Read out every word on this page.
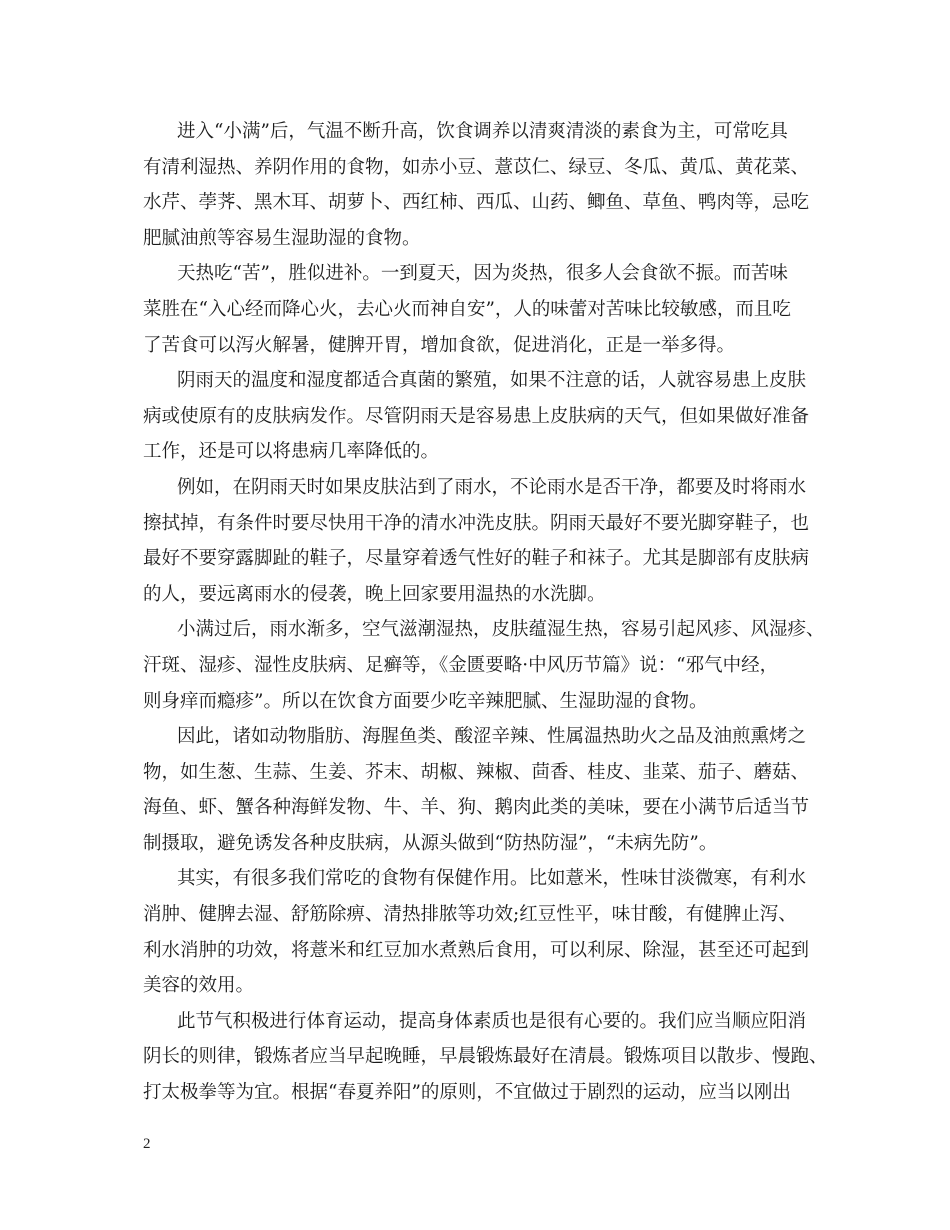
进入“小满”后，气温不断升高，饮食调养以清爽清淡的素食为主，可常吃具
有清利湿热、养阴作用的食物，如赤小豆、薏苡仁、绿豆、冬瓜、黄瓜、黄花菜、
水芹、荸荠、黑木耳、胡萝卜、西红柿、西瓜、山药、鲫鱼、草鱼、鸭肉等，忌吃
肥腻油煎等容易生湿助湿的食物。
天热吃“苦”，胜似进补。一到夏天，因为炎热，很多人会食欲不振。而苦味
菜胜在“入心经而降心火，去心火而神自安”，人的味蕾对苦味比较敏感，而且吃
了苦食可以泻火解暑，健脾开胃，增加食欲，促进消化，正是一举多得。
阴雨天的温度和湿度都适合真菌的繁殖，如果不注意的话，人就容易患上皮肤
病或使原有的皮肤病发作。尽管阴雨天是容易患上皮肤病的天气，但如果做好准备
工作，还是可以将患病几率降低的。
例如，在阴雨天时如果皮肤沾到了雨水，不论雨水是否干净，都要及时将雨水
擦拭掉，有条件时要尽快用干净的清水冲洗皮肤。阴雨天最好不要光脚穿鞋子，也
最好不要穿露脚趾的鞋子，尽量穿着透气性好的鞋子和袜子。尤其是脚部有皮肤病
的人，要远离雨水的侵袭，晚上回家要用温热的水洗脚。
小满过后，雨水渐多，空气滋潮湿热，皮肤蕴湿生热，容易引起风疹、风湿疹、
汗斑、湿疹、湿性皮肤病、足癣等，《金匮要略·中风历节篇》说：“邪气中经，
则身痒而瘾疹”。所以在饮食方面要少吃辛辣肥腻、生湿助湿的食物。
因此，诸如动物脂肪、海腥鱼类、酸涩辛辣、性属温热助火之品及油煎熏烤之
物，如生葱、生蒜、生姜、芥末、胡椒、辣椒、茴香、桂皮、韭菜、茄子、蘑菇、
海鱼、虾、蟹各种海鲜发物、牛、羊、狗、鹅肉此类的美味，要在小满节后适当节
制摄取，避免诱发各种皮肤病，从源头做到“防热防湿”，“未病先防”。
其实，有很多我们常吃的食物有保健作用。比如薏米，性味甘淡微寒，有利水
消肿、健脾去湿、舒筋除痹、清热排脓等功效;红豆性平，味甘酸，有健脾止泻、
利水消肿的功效，将薏米和红豆加水煮熟后食用，可以利尿、除湿，甚至还可起到
美容的效用。
此节气积极进行体育运动，提高身体素质也是很有心要的。我们应当顺应阳消
阴长的则律，锻炼者应当早起晚睡，早晨锻炼最好在清晨。锻炼项目以散步、慢跑、
打太极拳等为宜。根据“春夏养阳”的原则，不宜做过于剧烈的运动，应当以刚出
2
